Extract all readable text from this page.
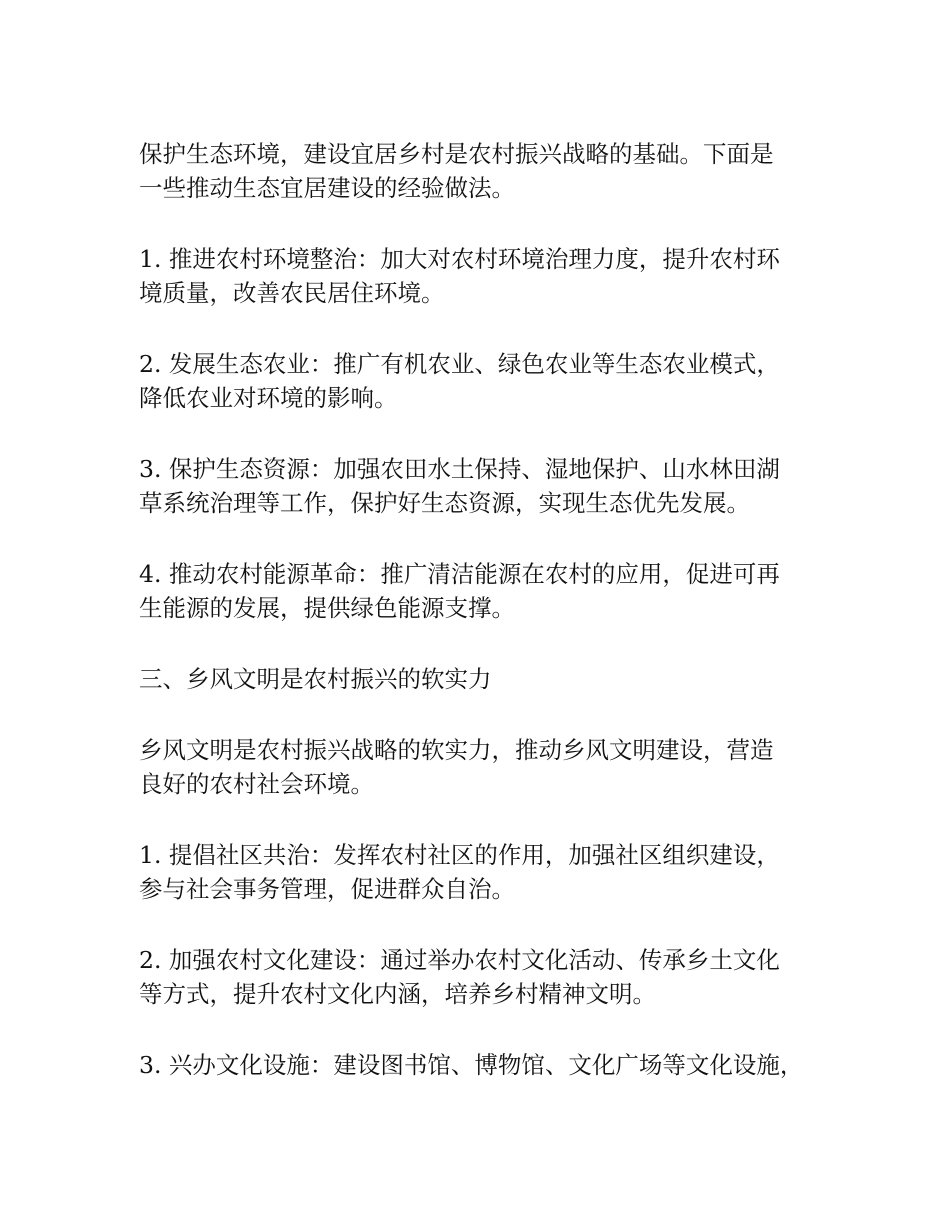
保护生态环境，建设宜居乡村是农村振兴战略的基础。下面是
一些推动生态宜居建设的经验做法。

1. 推进农村环境整治：加大对农村环境治理力度，提升农村环
境质量，改善农民居住环境。

2. 发展生态农业：推广有机农业、绿色农业等生态农业模式，
降低农业对环境的影响。

3. 保护生态资源：加强农田水土保持、湿地保护、山水林田湖
草系统治理等工作，保护好生态资源，实现生态优先发展。

4. 推动农村能源革命：推广清洁能源在农村的应用，促进可再
生能源的发展，提供绿色能源支撑。

三、乡风文明是农村振兴的软实力

乡风文明是农村振兴战略的软实力，推动乡风文明建设，营造
良好的农村社会环境。

1. 提倡社区共治：发挥农村社区的作用，加强社区组织建设，
参与社会事务管理，促进群众自治。

2. 加强农村文化建设：通过举办农村文化活动、传承乡土文化
等方式，提升农村文化内涵，培养乡村精神文明。

3. 兴办文化设施：建设图书馆、博物馆、文化广场等文化设施，
